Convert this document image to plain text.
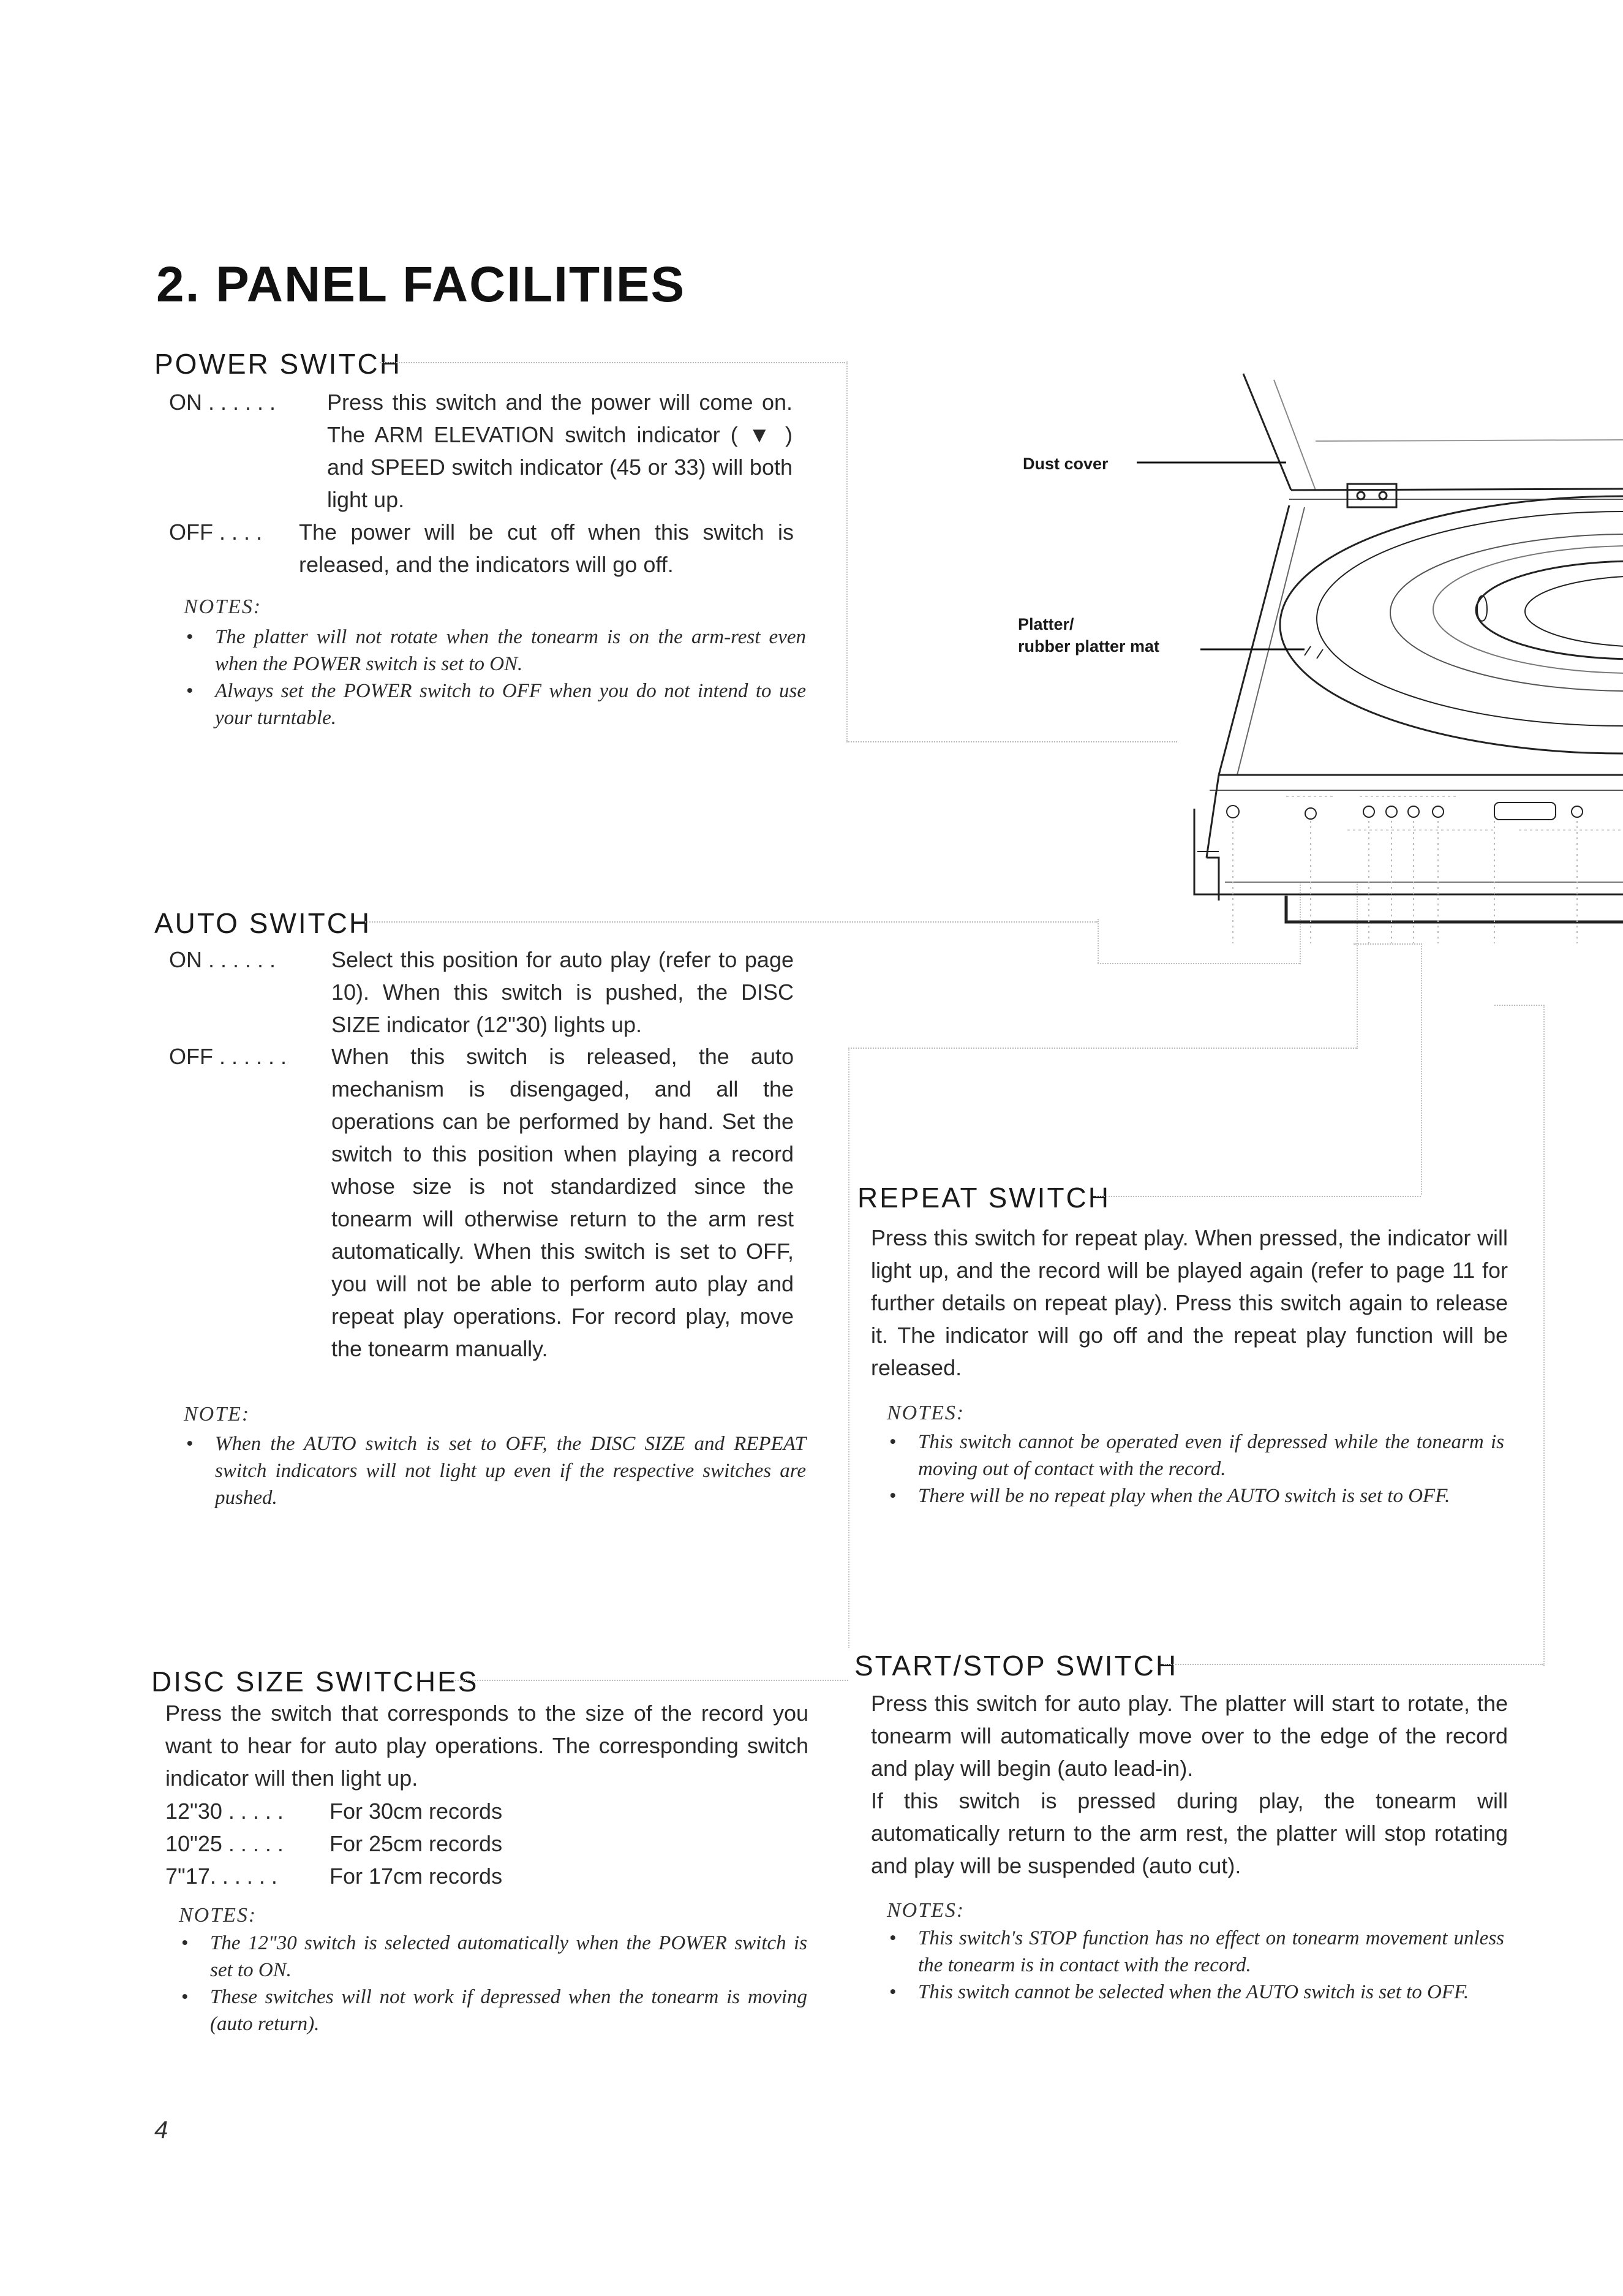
2. PANEL FACILITIES
POWER SWITCH
ON . . . . . . Press this switch and the power will come on. The ARM ELEVATION switch indicator ( ▼ ) and SPEED switch indicator (45 or 33) will both light up.
OFF . . . . The power will be cut off when this switch is released, and the indicators will go off.
NOTES:
• The platter will not rotate when the tonearm is on the arm-rest even when the POWER switch is set to ON.
• Always set the POWER switch to OFF when you do not intend to use your turntable.
AUTO SWITCH
ON . . . . . .	Select this position for auto play (refer to page 10). When this switch is pushed, the DISC SIZE indicator (12"30) lights up.
OFF . . . . . . When this switch is released, the auto mechanism is disengaged, and all the operations can be performed by hand. Set the switch to this position when playing a record whose size is not standardized since the tonearm will otherwise return to the arm rest automatically. When this switch is set to OFF, you will not be able to perform auto play and repeat play operations. For record play, move the tonearm manually.
NOTE:
• When the AUTO switch is set to OFF, the DISC SIZE and REPEAT switch indicators will not light up even if the respective switches are pushed.
DISC SIZE SWITCHES
Press the switch that corresponds to the size of the record you want to hear for auto play operations. The corresponding switch indicator will then light up.
12"30 . . . . . For 30cm records
10"25 . . . . . For 25cm records
7"17. . . . . . For 17cm records
NOTES:
• The 12"30 switch is selected automatically when the POWER switch is set to ON.
• These switches will not work if depressed when the tonearm is moving (auto return).
REPEAT SWITCH
Press this switch for repeat play. When pressed, the indicator will light up, and the record will be played again (refer to page 11 for further details on repeat play). Press this switch again to release it. The indicator will go off and the repeat play function will be released.
NOTES:
• This switch cannot be operated even if depressed while the tonearm is moving out of contact with the record.
• There will be no repeat play when the AUTO switch is set to OFF.
START/STOP SWITCH
Press this switch for auto play. The platter will start to rotate, the tonearm will automatically move over to the edge of the record and play will begin (auto lead-in).
If this switch is pressed during play, the tonearm will automatically return to the arm rest, the platter will stop rotating and play will be suspended (auto cut).
NOTES:
• This switch's STOP function has no effect on tonearm movement unless the tonearm is in contact with the record.
• This switch cannot be selected when the AUTO switch is set to OFF.
Dust cover
Platter/
rubber platter mat
4
